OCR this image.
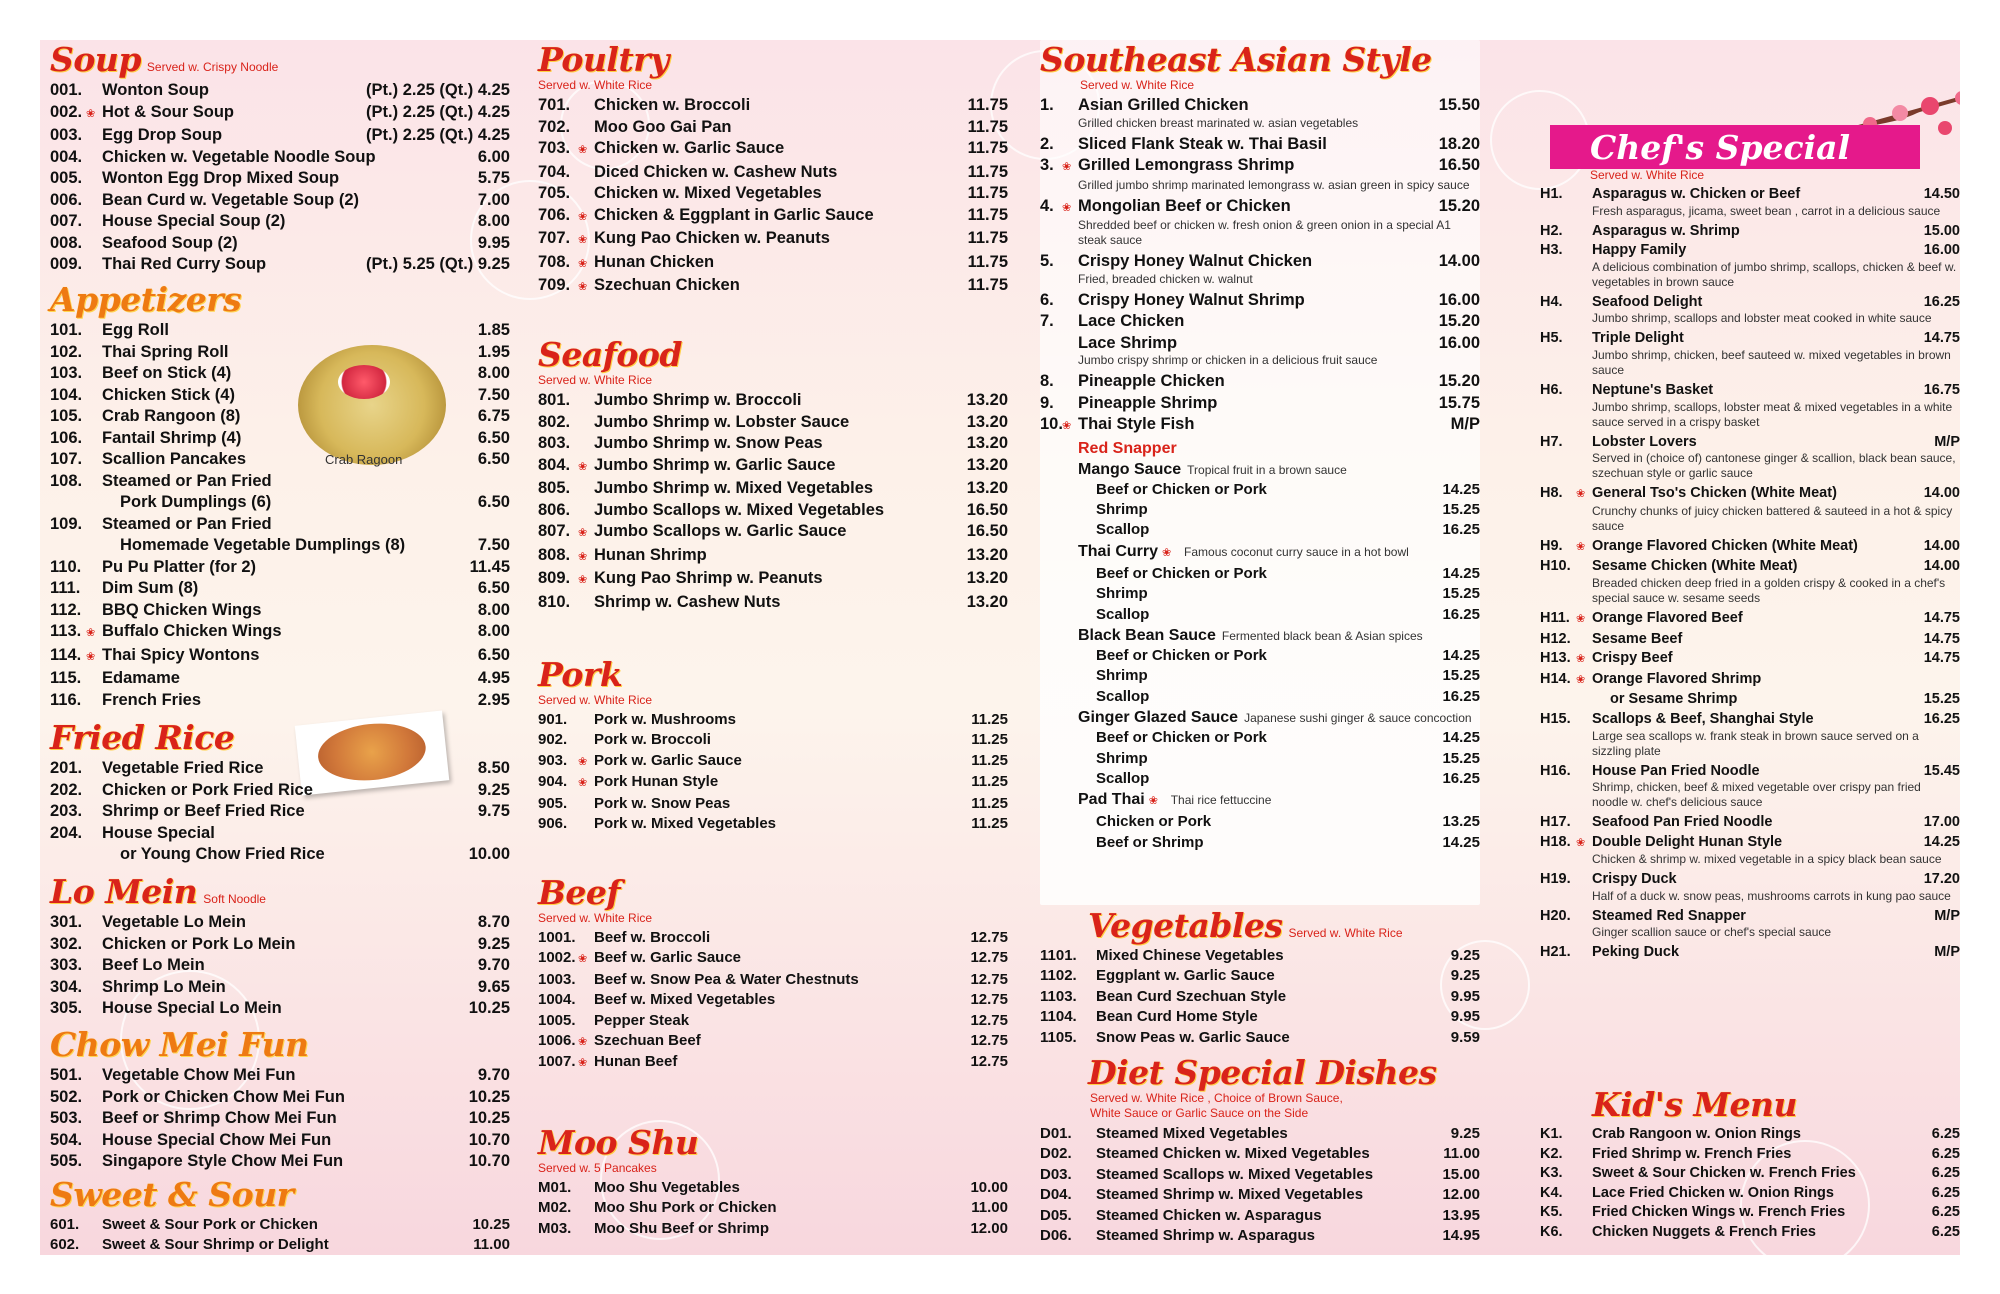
Soup Served w. Crispy Noodle
001.	Wonton Soup	(Pt.) 2.25 (Qt.) 4.25
002. ❀ Hot & Sour Soup	(Pt.) 2.25 (Qt.) 4.25
003.	Egg Drop Soup	(Pt.) 2.25 (Qt.) 4.25
004.	Chicken w. Vegetable Noodle Soup	6.00
005.	Wonton Egg Drop Mixed Soup	5.75
006.	Bean Curd w. Vegetable Soup (2)	7.00
007.	House Special Soup (2)	8.00
008.	Seafood Soup (2)	9.95
009.	Thai Red Curry Soup	(Pt.) 5.25 (Qt.) 9.25
Appetizers
101.	Egg Roll	1.85
102.	Thai Spring Roll	1.95
103.	Beef on Stick (4)	8.00
104.	Chicken Stick (4)	7.50
105.	Crab Rangoon (8)	6.75
106.	Fantail Shrimp (4)	6.50
107.	Scallion Pancakes	6.50
108.	Steamed or Pan Fried
Pork Dumplings (6)	6.50
109.	Steamed or Pan Fried
Homemade Vegetable Dumplings (8)	7.50
110.	Pu Pu Platter (for 2)	11.45
111.	Dim Sum (8)	6.50
112.	BBQ Chicken Wings	8.00
113. ❀ Buffalo Chicken Wings	8.00
114. ❀ Thai Spicy Wontons	6.50
115.	Edamame	4.95
116.	French Fries	2.95
Crab Ragoon
Fried Rice
201.	Vegetable Fried Rice	8.50
202.	Chicken or Pork Fried Rice	9.25
203.	Shrimp or Beef Fried Rice	9.75
204.	House Special
or Young Chow Fried Rice	10.00
Lo Mein Soft Noodle
301.	Vegetable Lo Mein	8.70
302.	Chicken or Pork Lo Mein	9.25
303.	Beef Lo Mein	9.70
304.	Shrimp Lo Mein	9.65
305.	House Special Lo Mein	10.25
Chow Mei Fun
501.	Vegetable Chow Mei Fun	9.70
502.	Pork or Chicken Chow Mei Fun	10.25
503.	Beef or Shrimp Chow Mei Fun	10.25
504.	House Special Chow Mei Fun	10.70
505.	Singapore Style Chow Mei Fun	10.70
Sweet & Sour
601.	Sweet & Sour Pork or Chicken	10.25
602.	Sweet & Sour Shrimp or Delight	11.00
Poultry
Served w. White Rice
701.	Chicken w. Broccoli	11.75
702.	Moo Goo Gai Pan	11.75
703. ❀ Chicken w. Garlic Sauce	11.75
704.	Diced Chicken w. Cashew Nuts	11.75
705.	Chicken w. Mixed Vegetables	11.75
706. ❀ Chicken & Eggplant in Garlic Sauce	11.75
707. ❀ Kung Pao Chicken w. Peanuts	11.75
708. ❀ Hunan Chicken	11.75
709. ❀ Szechuan Chicken	11.75
Seafood
Served w. White Rice
801.	Jumbo Shrimp w. Broccoli	13.20
802.	Jumbo Shrimp w. Lobster Sauce	13.20
803.	Jumbo Shrimp w. Snow Peas	13.20
804. ❀ Jumbo Shrimp w. Garlic Sauce	13.20
805.	Jumbo Shrimp w. Mixed Vegetables	13.20
806.	Jumbo Scallops w. Mixed Vegetables	16.50
807. ❀ Jumbo Scallops w. Garlic Sauce	16.50
808. ❀ Hunan Shrimp	13.20
809. ❀ Kung Pao Shrimp w. Peanuts	13.20
810.	Shrimp w. Cashew Nuts	13.20
Pork
Served w. White Rice
901.	Pork w. Mushrooms	11.25
902.	Pork w. Broccoli	11.25
903. ❀ Pork w. Garlic Sauce	11.25
904. ❀ Pork Hunan Style	11.25
905.	Pork w. Snow Peas	11.25
906.	Pork w. Mixed Vegetables	11.25
Beef
Served w. White Rice
1001.	Beef w. Broccoli	12.75
1002. ❀ Beef w. Garlic Sauce	12.75
1003.	Beef w. Snow Pea & Water Chestnuts	12.75
1004.	Beef w. Mixed Vegetables	12.75
1005.	Pepper Steak	12.75
1006. ❀ Szechuan Beef	12.75
1007. ❀ Hunan Beef	12.75
Moo Shu
Served w. 5 Pancakes
M01.	Moo Shu Vegetables	10.00
M02.	Moo Shu Pork or Chicken	11.00
M03.	Moo Shu Beef or Shrimp	12.00
Southeast Asian Style
Served w. White Rice
1.	Asian Grilled Chicken	15.50
Grilled chicken breast marinated w. asian vegetables
2.	Sliced Flank Steak w. Thai Basil	18.20
3. ❀ Grilled Lemongrass Shrimp	16.50
Grilled jumbo shrimp marinated lemongrass w. asian green in spicy sauce
4. ❀ Mongolian Beef or Chicken	15.20
Shredded beef or chicken w. fresh onion & green onion in a special A1 steak sauce
5.	Crispy Honey Walnut Chicken	14.00
Fried, breaded chicken w. walnut
6.	Crispy Honey Walnut Shrimp	16.00
7.	Lace Chicken	15.20
Lace Shrimp	16.00
Jumbo crispy shrimp or chicken in a delicious fruit sauce
8.	Pineapple Chicken	15.20
9.	Pineapple Shrimp	15.75
10. ❀ Thai Style Fish	M/P
Red Snapper
Mango Sauce Tropical fruit in a brown sauce
Beef or Chicken or Pork	14.25
Shrimp	15.25
Scallop	16.25
Thai Curry ❀ Famous coconut curry sauce in a hot bowl
Beef or Chicken or Pork	14.25
Shrimp	15.25
Scallop	16.25
Black Bean Sauce Fermented black bean & Asian spices
Beef or Chicken or Pork	14.25
Shrimp	15.25
Scallop	16.25
Ginger Glazed Sauce Japanese sushi ginger & sauce concoction
Beef or Chicken or Pork	14.25
Shrimp	15.25
Scallop	16.25
Pad Thai ❀ Thai rice fettuccine
Chicken or Pork	13.25
Beef or Shrimp	14.25
Vegetables Served w. White Rice
1101.	Mixed Chinese Vegetables	9.25
1102.	Eggplant w. Garlic Sauce	9.25
1103.	Bean Curd Szechuan Style	9.95
1104.	Bean Curd Home Style	9.95
1105.	Snow Peas w. Garlic Sauce	9.59
Diet Special Dishes
Served w. White Rice , Choice of Brown Sauce,
White Sauce or Garlic Sauce on the Side
D01.	Steamed Mixed Vegetables	9.25
D02.	Steamed Chicken w. Mixed Vegetables	11.00
D03.	Steamed Scallops w. Mixed Vegetables	15.00
D04.	Steamed Shrimp w. Mixed Vegetables	12.00
D05.	Steamed Chicken w. Asparagus	13.95
D06.	Steamed Shrimp w. Asparagus	14.95
Chef's Special
Served w. White Rice
H1.	Asparagus w. Chicken or Beef	14.50
Fresh asparagus, jicama, sweet bean , carrot in a delicious sauce
H2.	Asparagus w. Shrimp	15.00
H3.	Happy Family	16.00
A delicious combination of jumbo shrimp, scallops, chicken & beef w. vegetables in brown sauce
H4.	Seafood Delight	16.25
Jumbo shrimp, scallops and lobster meat cooked in white sauce
H5.	Triple Delight	14.75
Jumbo shrimp, chicken, beef sauteed w. mixed vegetables in brown sauce
H6.	Neptune's Basket	16.75
Jumbo shrimp, scallops, lobster meat & mixed vegetables in a white sauce served in a crispy basket
H7.	Lobster Lovers	M/P
Served in (choice of) cantonese ginger & scallion, black bean sauce, szechuan style or garlic sauce
H8.	❀ General Tso's Chicken (White Meat)	14.00
Crunchy chunks of juicy chicken battered & sauteed in a hot & spicy sauce
H9.	❀ Orange Flavored Chicken (White Meat)	14.00
H10.	Sesame Chicken (White Meat)	14.00
Breaded chicken deep fried in a golden crispy & cooked in a chef's special sauce w. sesame seeds
H11. ❀ Orange Flavored Beef	14.75
H12.	Sesame Beef	14.75
H13. ❀ Crispy Beef	14.75
H14. ❀ Orange Flavored Shrimp
or Sesame Shrimp	15.25
H15.	Scallops & Beef, Shanghai Style	16.25
Large sea scallops w. frank steak in brown sauce served on a sizzling plate
H16.	House Pan Fried Noodle	15.45
Shrimp, chicken, beef & mixed vegetable over crispy pan fried noodle w. chef's delicious sauce
H17.	Seafood Pan Fried Noodle	17.00
H18. ❀ Double Delight Hunan Style	14.25
Chicken & shrimp w. mixed vegetable in a spicy black bean sauce
H19.	Crispy Duck	17.20
Half of a duck w. snow peas, mushrooms carrots in kung pao sauce
H20.	Steamed Red Snapper	M/P
Ginger scallion sauce or chef's special sauce
H21.	Peking Duck	M/P
Kid's Menu
K1.	Crab Rangoon w. Onion Rings	6.25
K2.	Fried Shrimp w. French Fries	6.25
K3.	Sweet & Sour Chicken w. French Fries	6.25
K4.	Lace Fried Chicken w. Onion Rings	6.25
K5.	Fried Chicken Wings w. French Fries	6.25
K6.	Chicken Nuggets & French Fries	6.25
